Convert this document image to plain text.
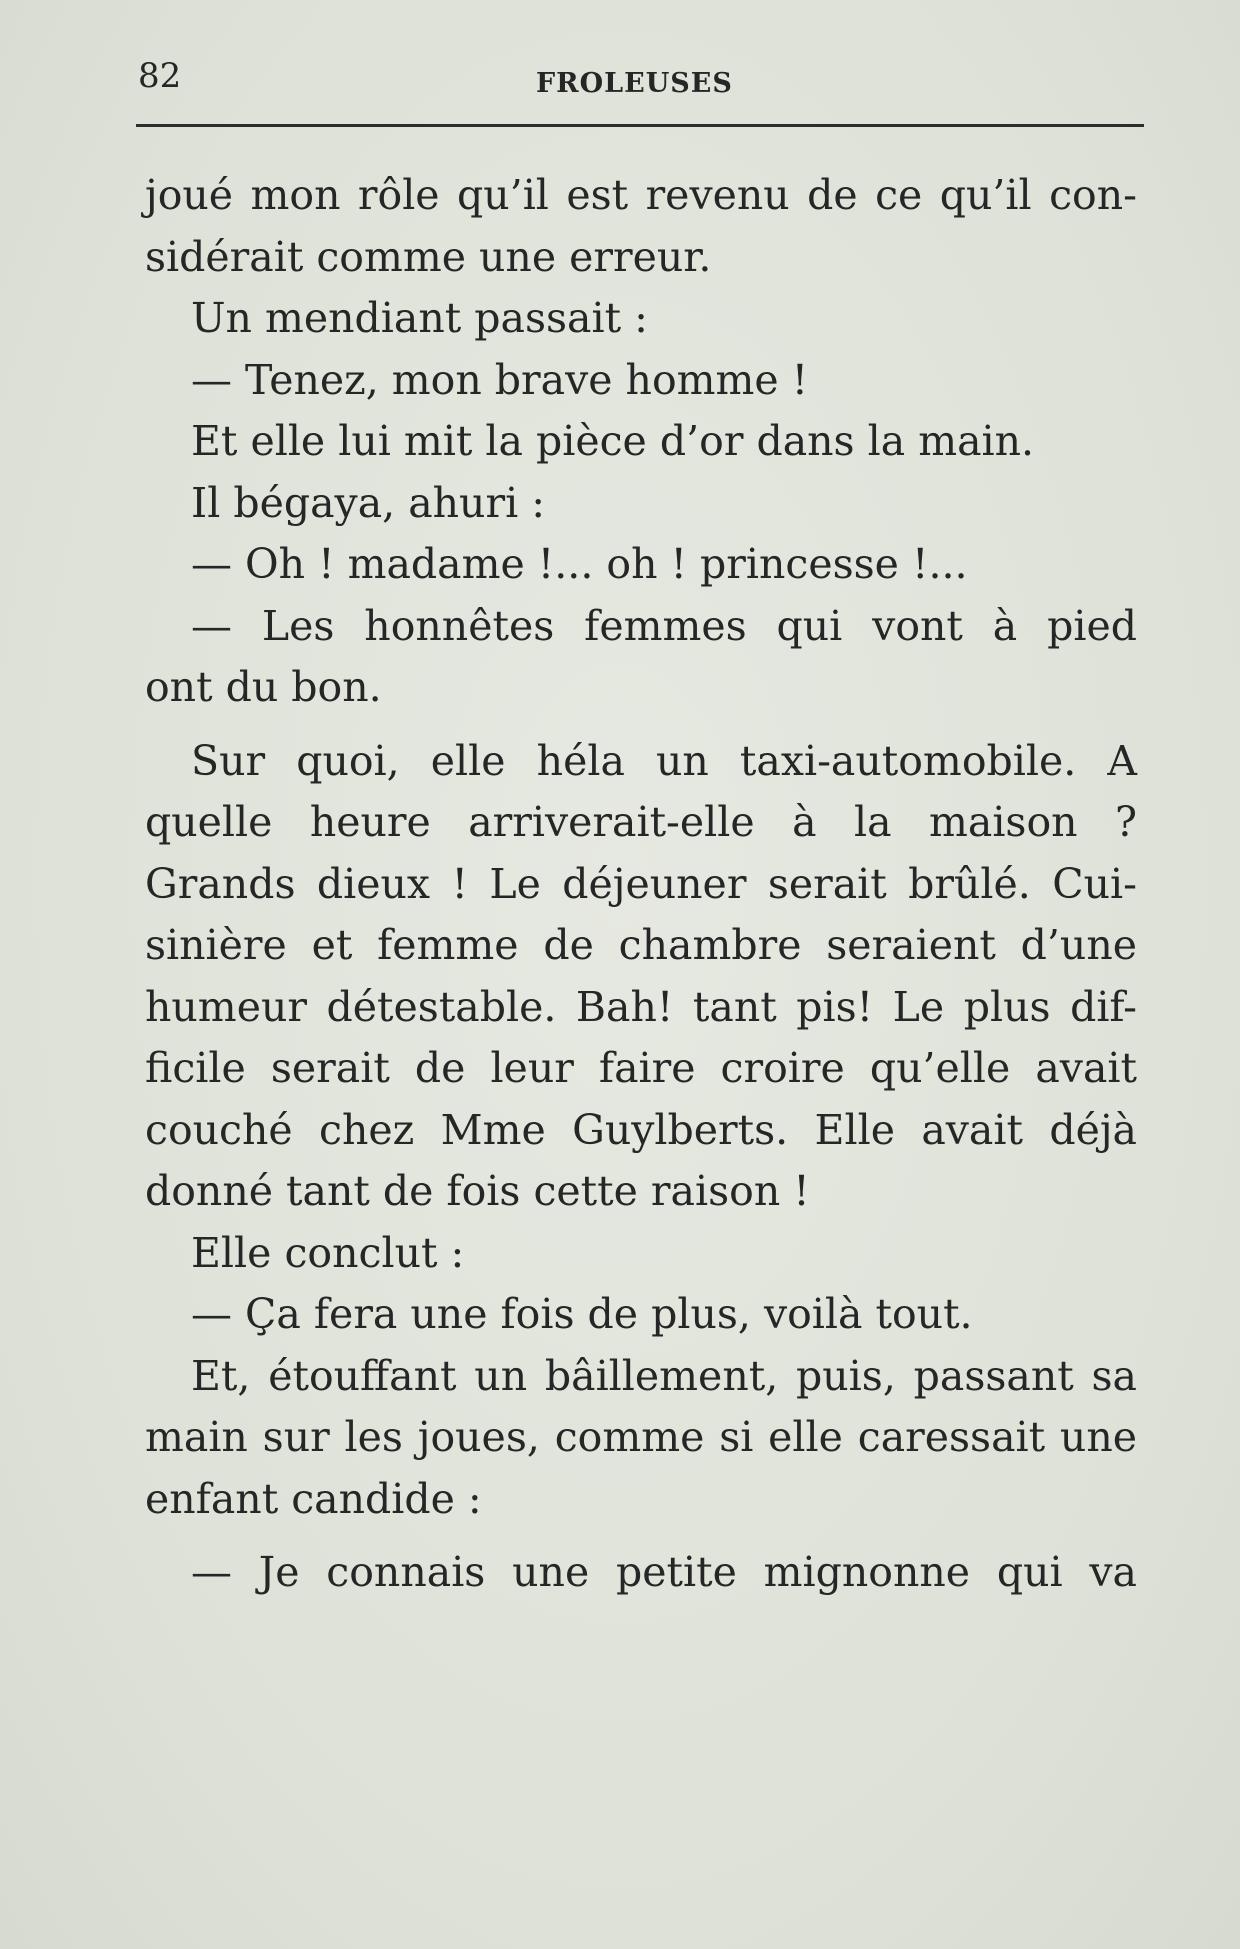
82	FROLEUSES
joué mon rôle qu’il est revenu de ce qu’il con-
sidérait comme une erreur.
Un mendiant passait :
— Tenez, mon brave homme !
Et elle lui mit la pièce d’or dans la main.
Il bégaya, ahuri :
— Oh ! madame !... oh ! princesse !...
— Les honnêtes femmes qui vont à pied
ont du bon.
Sur quoi, elle héla un taxi-automobile. A
quelle heure arriverait-elle à la maison ?
Grands dieux ! Le déjeuner serait brûlé. Cui-
sinière et femme de chambre seraient d’une
humeur détestable. Bah! tant pis! Le plus dif-
ficile serait de leur faire croire qu’elle avait
couché chez Mme Guylberts. Elle avait déjà
donné tant de fois cette raison !
Elle conclut :
— Ça fera une fois de plus, voilà tout.
Et, étouffant un bâillement, puis, passant sa
main sur les joues, comme si elle caressait une
enfant candide :
— Je connais une petite mignonne qui va
